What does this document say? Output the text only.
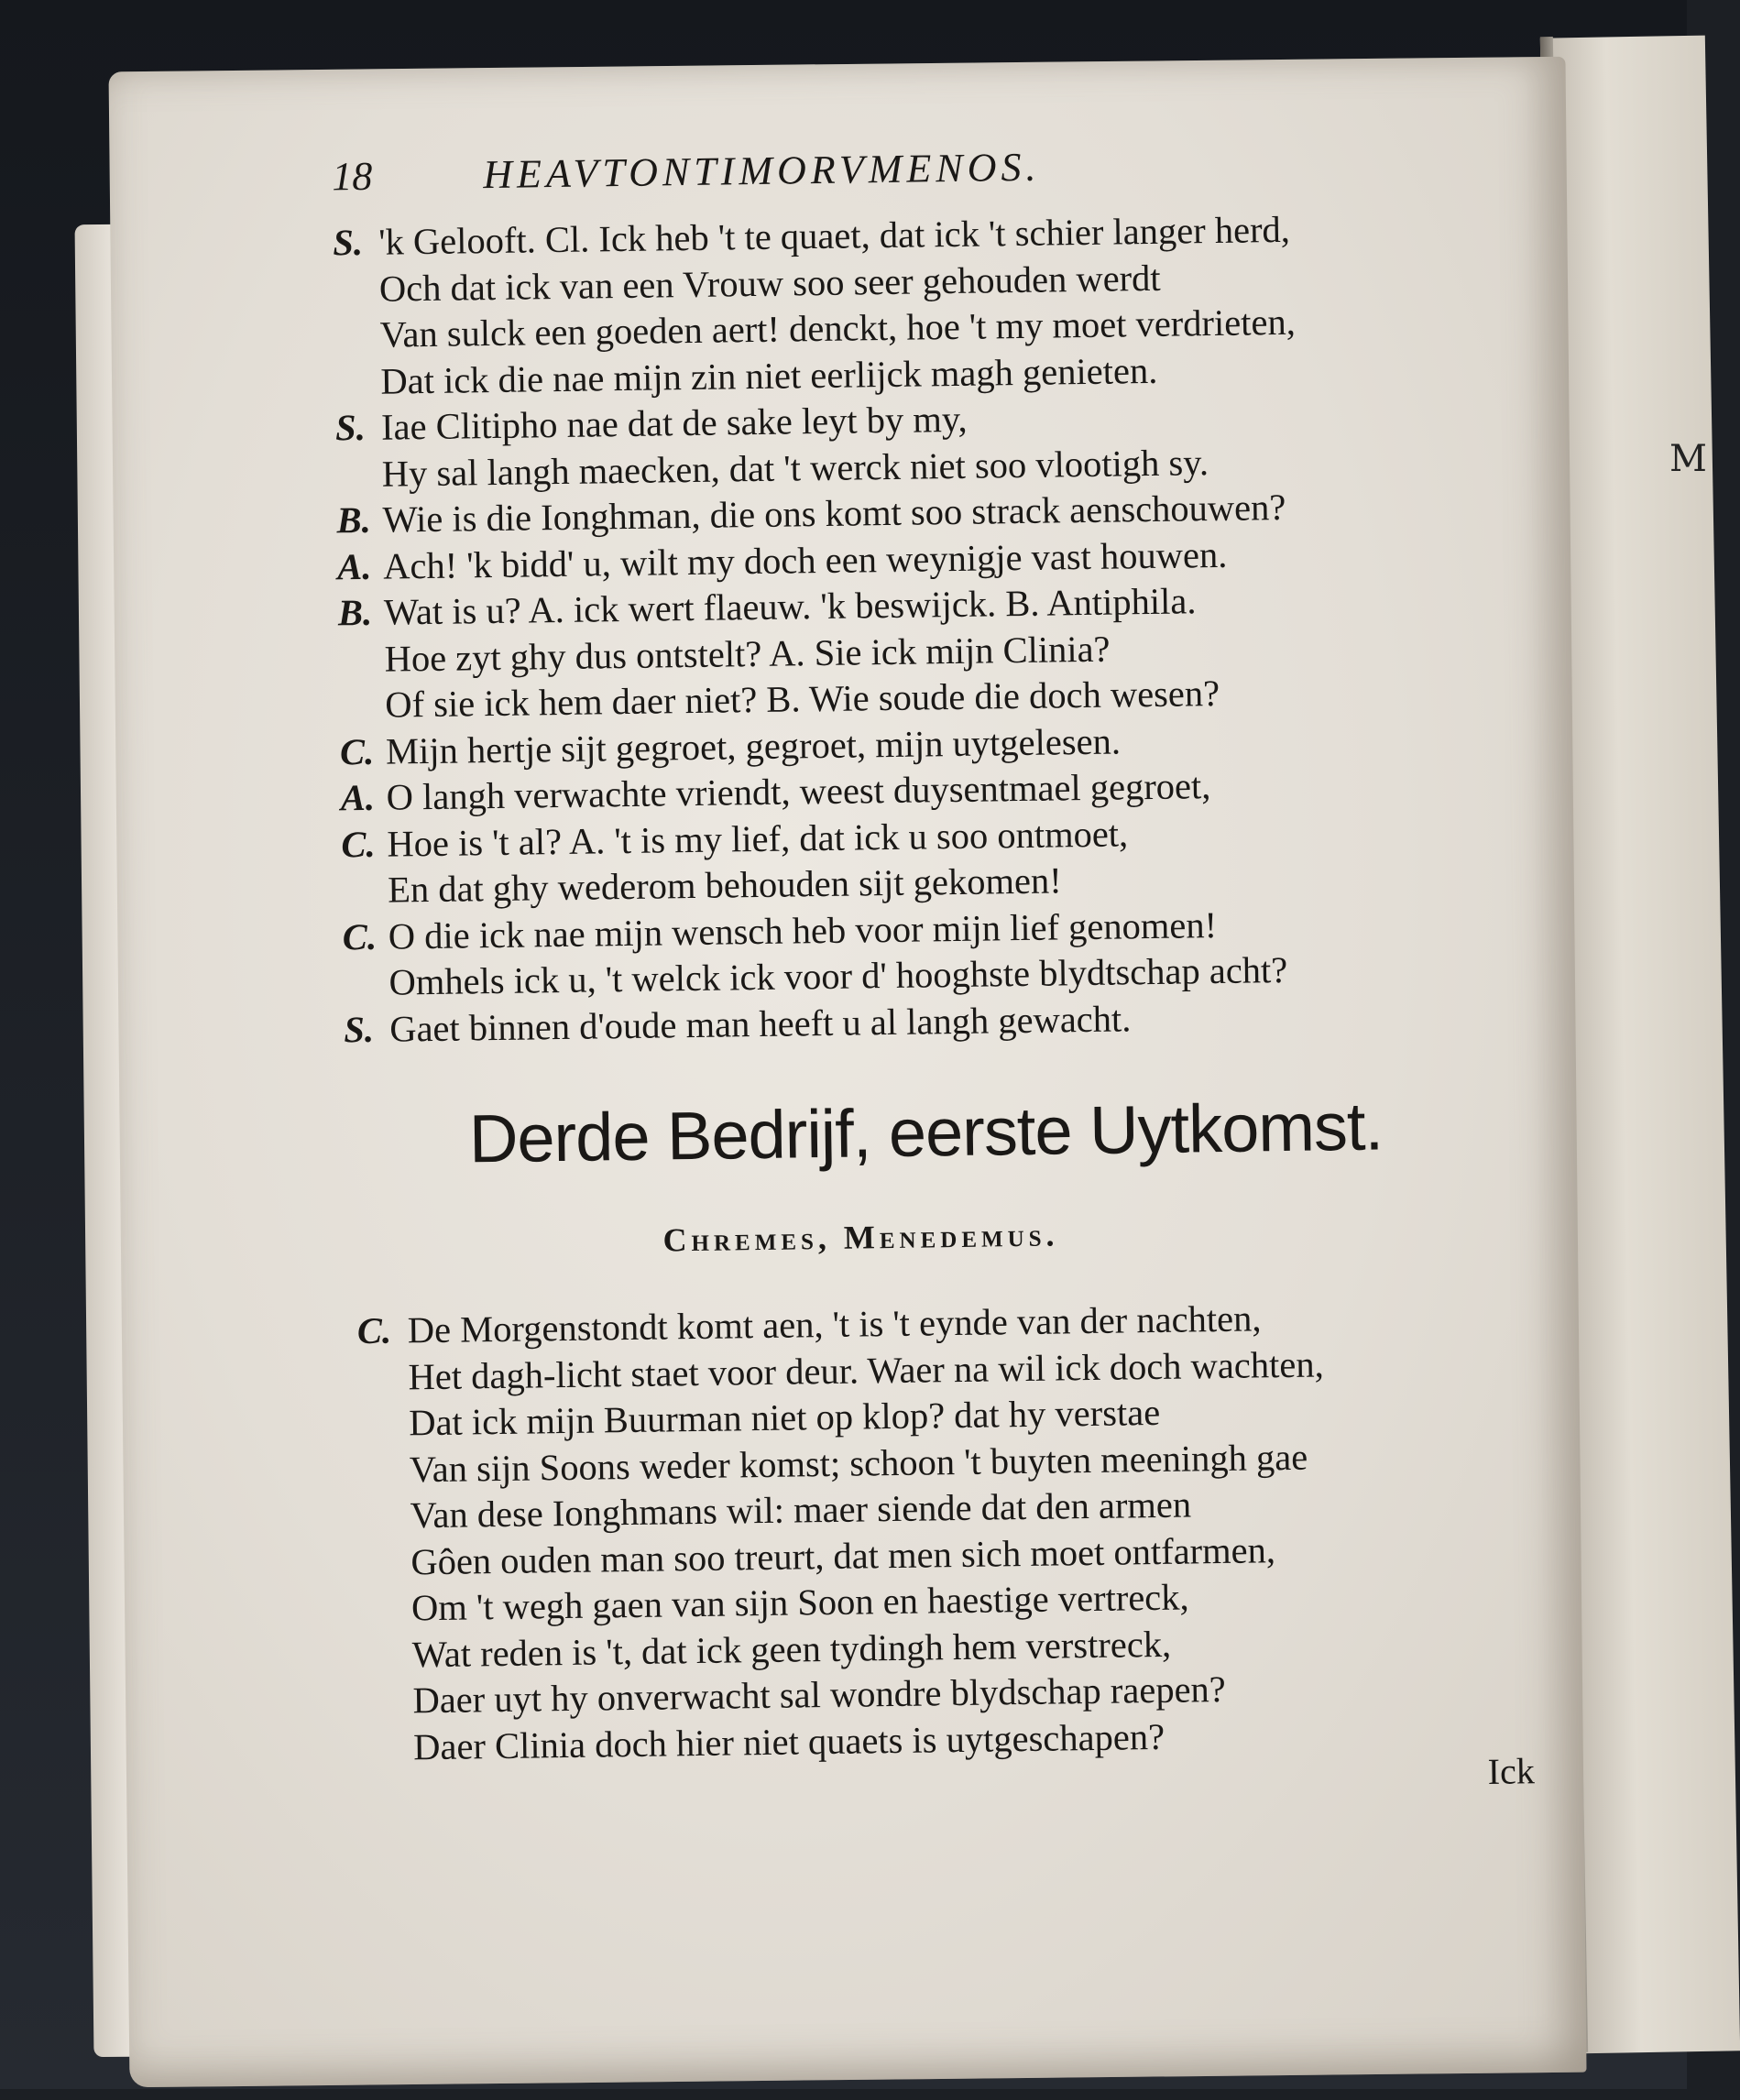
M
18	HEAVTONTIMORVMENOS.
S. 'k Gelooft. Cl. Ick heb 't te quaet, dat ick 't schier langer herd,
Och dat ick van een Vrouw soo seer gehouden werdt
Van sulck een goeden aert! denckt, hoe 't my moet verdrieten,
Dat ick die nae mijn zin niet eerlijck magh genieten.
S. Iae Clitipho nae dat de sake leyt by my,
Hy sal langh maecken, dat 't werck niet soo vlootigh sy.
B. Wie is die Ionghman, die ons komt soo strack aenschouwen?
A. Ach! 'k bidd' u, wilt my doch een weynigje vast houwen.
B. Wat is u? A. ick wert flaeuw. 'k beswijck. B. Antiphila.
Hoe zyt ghy dus ontstelt? A. Sie ick mijn Clinia?
Of sie ick hem daer niet? B. Wie soude die doch wesen?
C. Mijn hertje sijt gegroet, gegroet, mijn uytgelesen.
A. O langh verwachte vriendt, weest duysentmael gegroet,
C. Hoe is 't al? A. 't is my lief, dat ick u soo ontmoet,
En dat ghy wederom behouden sijt gekomen!
C. O die ick nae mijn wensch heb voor mijn lief genomen!
Omhels ick u, 't welck ick voor d' hooghste blydtschap acht?
S. Gaet binnen d'oude man heeft u al langh gewacht.
Derde Bedrijf, eerste Uytkomst.
Chremes, Menedemus.
C. De Morgenstondt komt aen, 't is 't eynde van der nachten,
Het dagh-licht staet voor deur. Waer na wil ick doch wachten,
Dat ick mijn Buurman niet op klop? dat hy verstae
Van sijn Soons weder komst; schoon 't buyten meeningh gae
Van dese Ionghmans wil: maer siende dat den armen
Gôen ouden man soo treurt, dat men sich moet ontfarmen,
Om 't wegh gaen van sijn Soon en haestige vertreck,
Wat reden is 't, dat ick geen tydingh hem verstreck,
Daer uyt hy onverwacht sal wondre blydschap raepen?
Daer Clinia doch hier niet quaets is uytgeschapen?
Ick
